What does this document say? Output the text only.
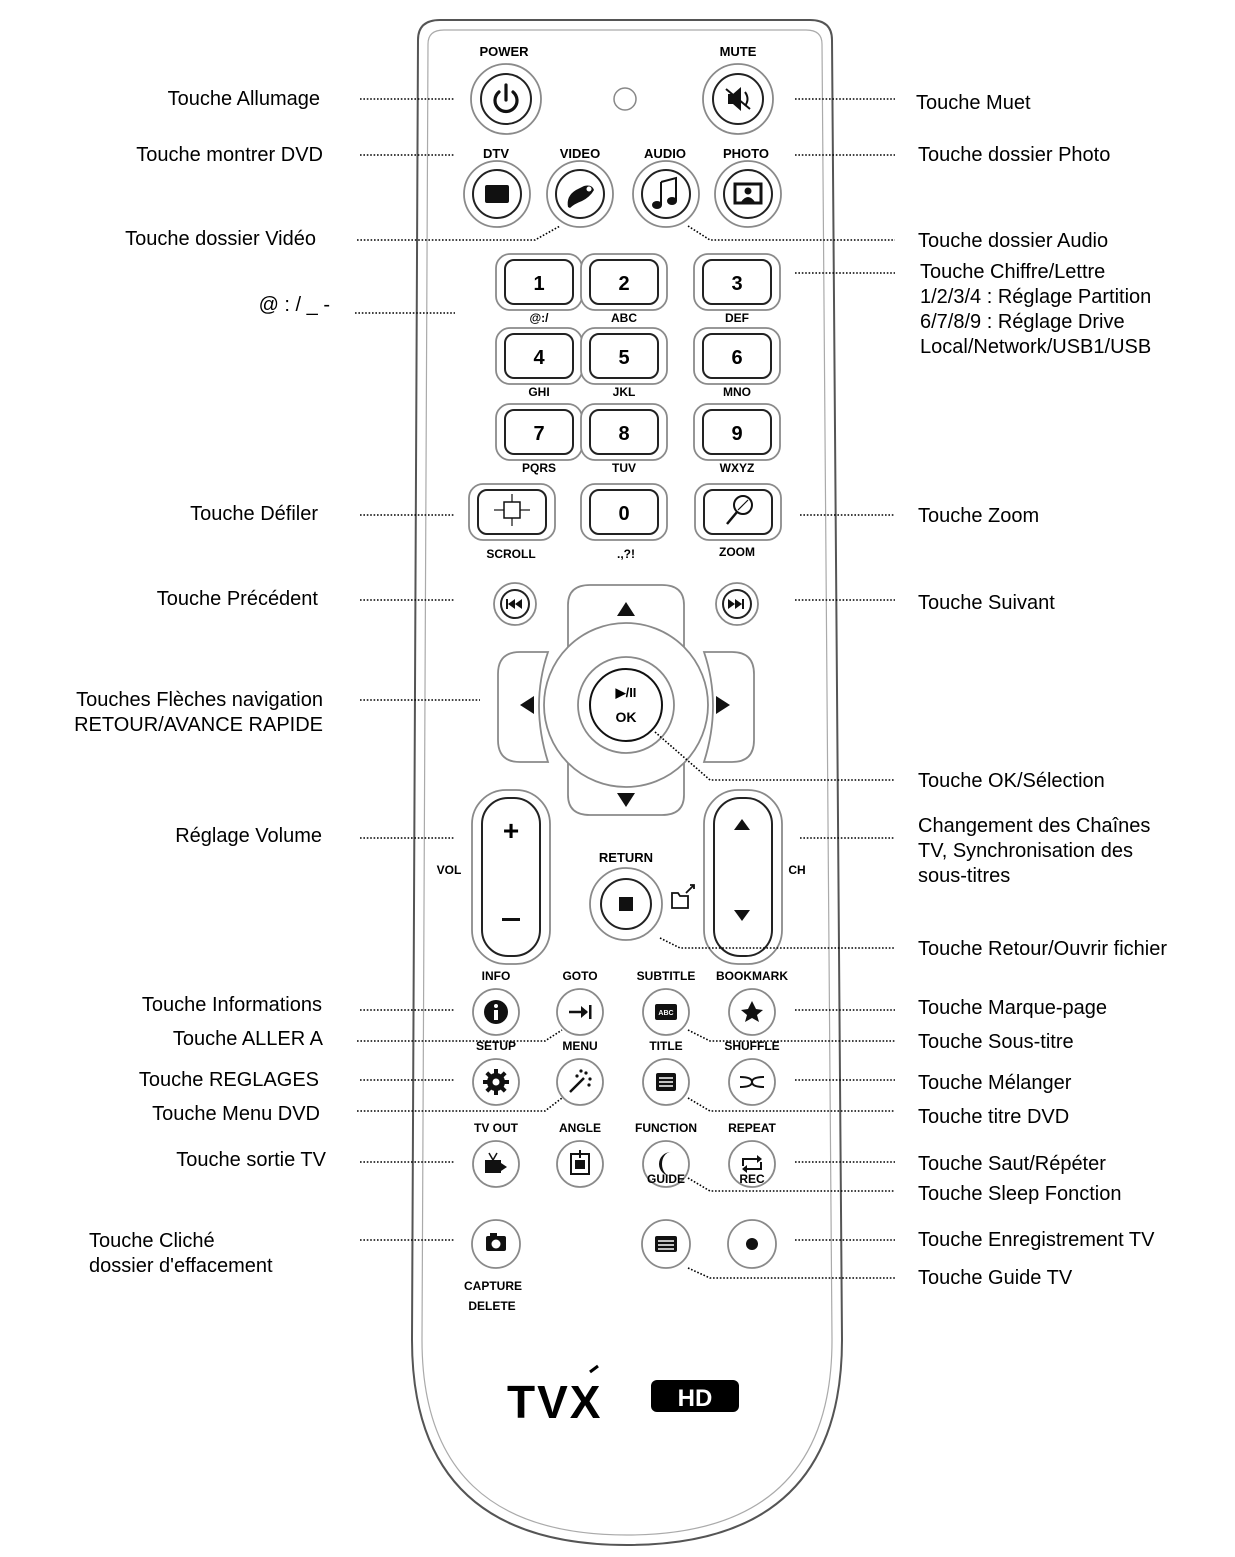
POWER	MUTE
DTV	VIDEO	AUDIO	PHOTO
1
@:/
2
ABC
3
DEF
4
GHI
5
JKL
6
MNO
7
PQRS
8
TUV
9
WXYZ
0
.,?!
SCROLL	ZOOM
▶/II
OK
+
VOL	CH
RETURN
INFO	GOTO	SUBTITLE
ABC
BOOKMARK
SETUP	MENU	TITLE	SHUFFLE
TV OUT	ANGLE	FUNCTION	REPEAT
GUIDE	REC
CAPTURE
DELETE
TVX	HD
Touche Allumage
Touche montrer DVD
Touche dossier Vidéo
@ : / _ -
Touche Défiler
Touche Précédent
Touches Flèches navigation
RETOUR/AVANCE RAPIDE
Réglage Volume
Touche Informations
Touche ALLER A
Touche REGLAGES
Touche Menu DVD
Touche sortie TV
Touche Cliché
dossier d'effacement
Touche Muet
Touche dossier Photo
Touche dossier Audio
Touche Chiffre/Lettre
1/2/3/4 : Réglage Partition
6/7/8/9 : Réglage Drive
Local/Network/USB1/USB
Touche Zoom
Touche Suivant
Touche OK/Sélection
Changement des Chaînes
TV, Synchronisation des
sous-titres
Touche Retour/Ouvrir fichier
Touche Marque-page
Touche Sous-titre
Touche Mélanger
Touche titre DVD
Touche Saut/Répéter
Touche Sleep Fonction
Touche Enregistrement TV
Touche Guide TV
